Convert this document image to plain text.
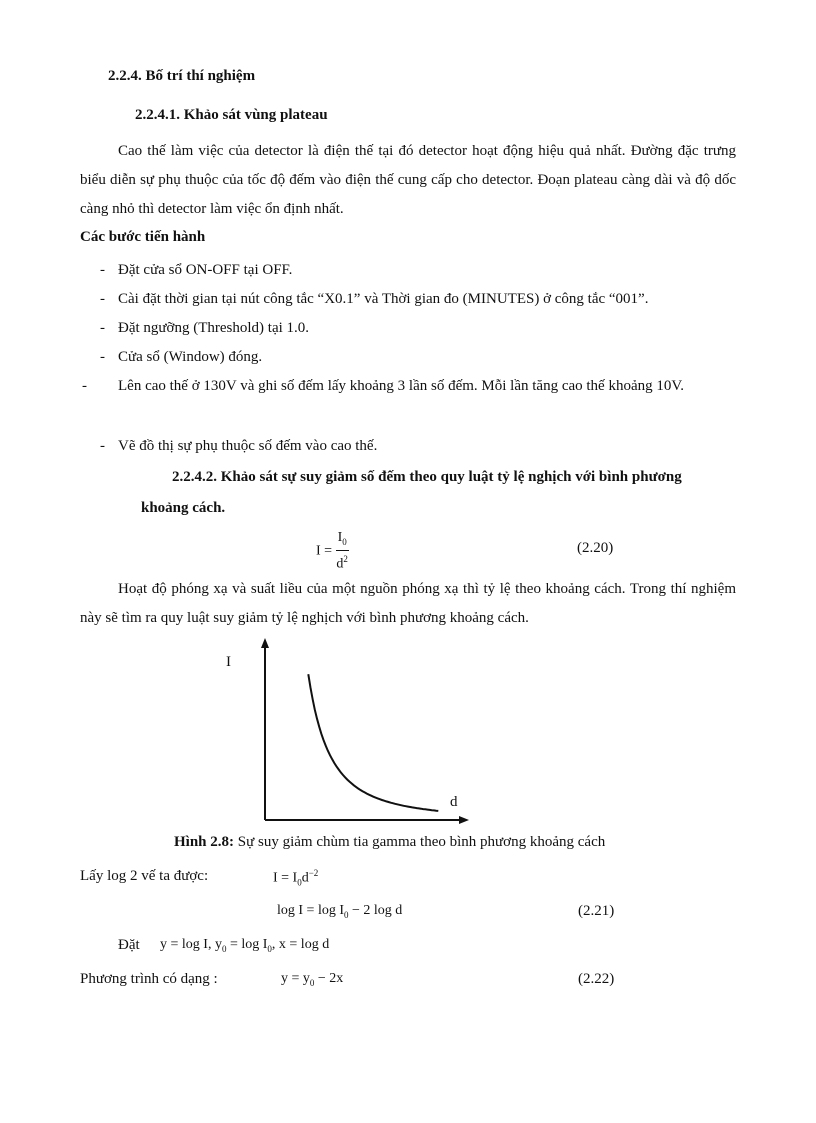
2.2.4. Bố trí thí nghiệm
2.2.4.1. Khảo sát vùng plateau
Cao thế làm việc của detector là điện thế tại đó detector hoạt động hiệu quả nhất. Đường đặc trưng biểu diễn sự phụ thuộc của tốc độ đếm vào điện thế cung cấp cho detector. Đoạn plateau càng dài và độ dốc càng nhỏ thì detector làm việc ổn định nhất.
Các bước tiến hành
- Đặt cửa sổ ON-OFF tại OFF.
- Cài đặt thời gian tại nút công tắc “X0.1” và Thời gian đo (MINUTES) ở công tắc “001”.
- Đặt ngưỡng (Threshold) tại 1.0.
- Cửa sổ (Window) đóng.
- Lên cao thế ở 130V và ghi số đếm lấy khoảng 3 lần số đếm. Mỗi lần tăng cao thế khoảng 10V.
- Vẽ đồ thị sự phụ thuộc số đếm vào cao thế.
2.2.4.2. Khảo sát sự suy giảm số đếm theo quy luật tỷ lệ nghịch với bình phương
khoảng cách.
$I = \frac{I_0}{d^2}$	(2.20)
Hoạt độ phóng xạ và suất liều của một nguồn phóng xạ thì tỷ lệ theo khoảng cách. Trong thí nghiệm này sẽ tìm ra quy luật suy giảm tỷ lệ nghịch với bình phương khoảng cách.
I
d
Hình 2.8: Sự suy giảm chùm tia gamma theo bình phương khoảng cách
Lấy log 2 vế ta được:	$I = I_0d^{-2}$
$\log I = \log I_0 - 2$ log d	(2.21)
Đặt y = log I, $y_0 = \log I_0$, x = log d
Phương trình có dạng :	$y = y_0 - 2x$	(2.22)
